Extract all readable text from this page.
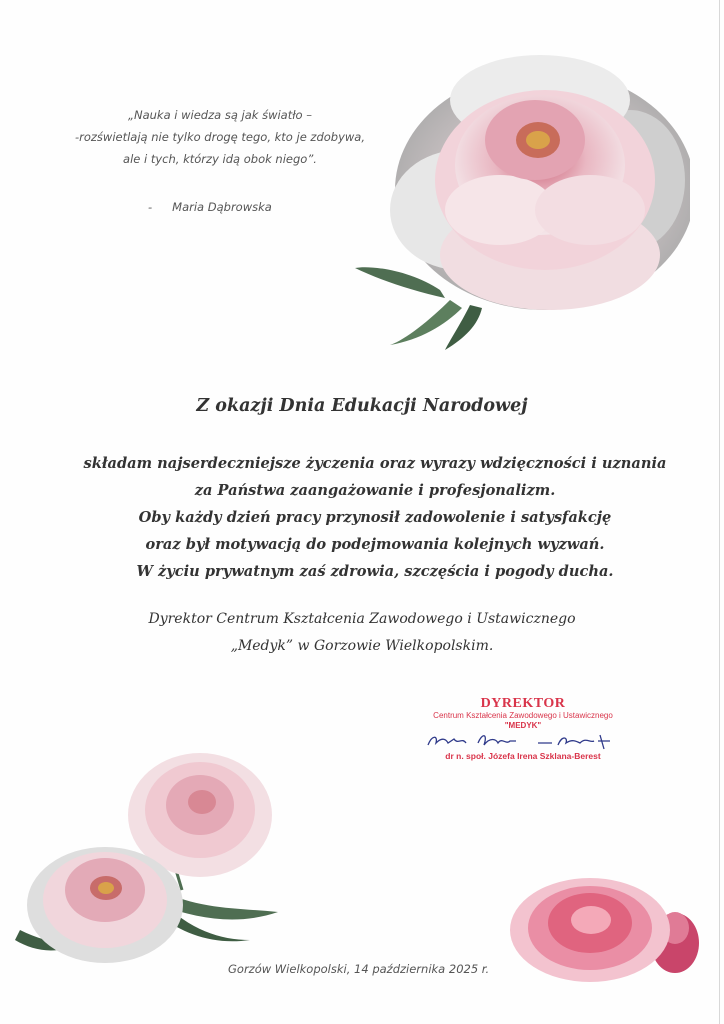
„Nauka i wiedza są jak światło –
-rozświetlają nie tylko drogę tego, kto je zdobywa,
ale i tych, którzy idą obok niego”.
- Maria Dąbrowska
Z okazji Dnia Edukacji Narodowej
składam najserdeczniejsze życzenia oraz wyrazy wdzięczności i uznania
za Państwa zaangażowanie i profesjonalizm.
Oby każdy dzień pracy przynosił zadowolenie i satysfakcję
oraz był motywacją do podejmowania kolejnych wyzwań.
W życiu prywatnym zaś zdrowia, szczęścia i pogody ducha.
Dyrektor Centrum Kształcenia Zawodowego i Ustawicznego
„Medyk” w Gorzowie Wielkopolskim.
DYREKTOR
Centrum Kształcenia Zawodowego i Ustawicznego
"MEDYK"
dr n. społ. Józefa Irena Szklana-Berest
Gorzów Wielkopolski, 14 października 2025 r.
